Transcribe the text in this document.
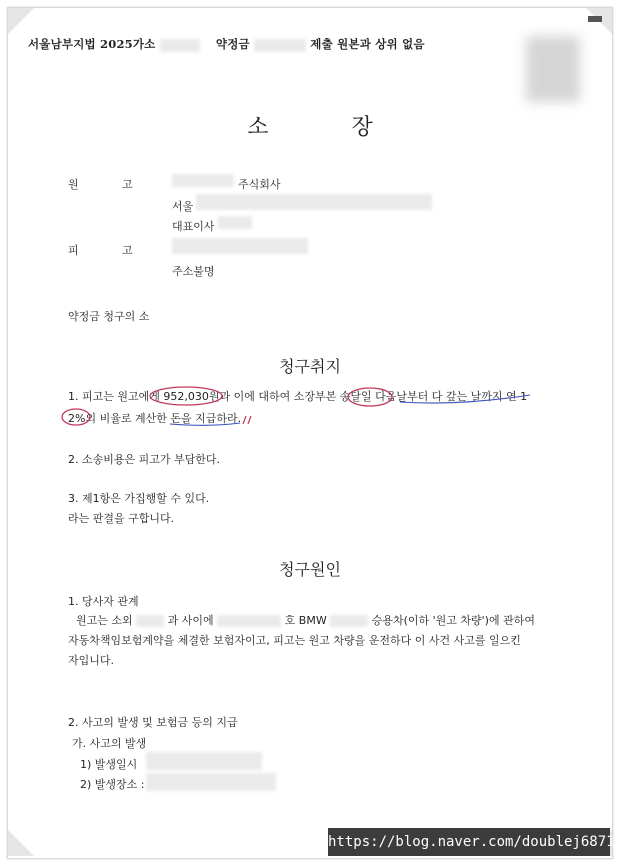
서울남부지법 2025가소	약정금	제출 원본과 상위 없음
소 장
원	고	주식회사
서울
대표이사
피	고
주소불명
약정금 청구의 소
청구취지
1. 피고는 원고에게 952,030원과 이에 대하여 소장부본 송달일 다음날부터 다 갚는 날까지 연 1
2%의 비율로 계산한 돈을 지급하라.
2. 소송비용은 피고가 부담한다.
3. 제1항은 가집행할 수 있다.
라는 판결을 구합니다.
청구원인
1. 당사자 관계
원고는 소외	과 사이에	호 BMW	승용차(이하 '원고 차량')에 관하여
자동차책임보험계약을 체결한 보험자이고, 피고는 원고 차량을 운전하다 이 사건 사고를 일으킨
자입니다.
2. 사고의 발생 및 보험금 등의 지급
가. 사고의 발생
1) 발생일시
2) 발생장소 :
https://blog.naver.com/doublej6871
